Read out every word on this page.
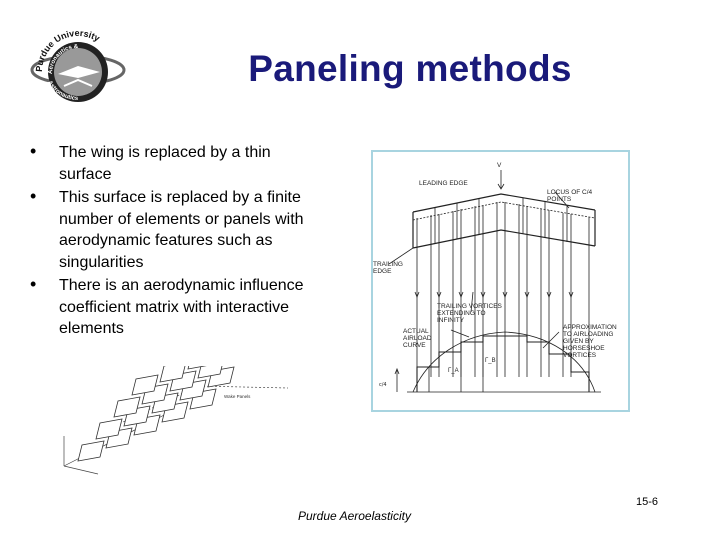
Purdue University
Aeronautics &
Astronautics
Paneling methods
• The wing is replaced by a thin surface
• This surface is replaced by a finite number of elements or panels with aerodynamic features such as singularities
• There is an aerodynamic influence coefficient matrix with interactive elements
c/4
V
LEADING EDGE
LOCUS OF C/4 POINTS
TRAILING EDGE
TRAILING VORTICES EXTENDING TO INFINITY
ACTUAL AIRLOAD CURVE
APPROXIMATION TO AIRLOADING GIVEN BY HORSESHOE VORTICES
Γ_A
Γ_B
Wake Panels
Purdue Aeroelasticity
15-6
